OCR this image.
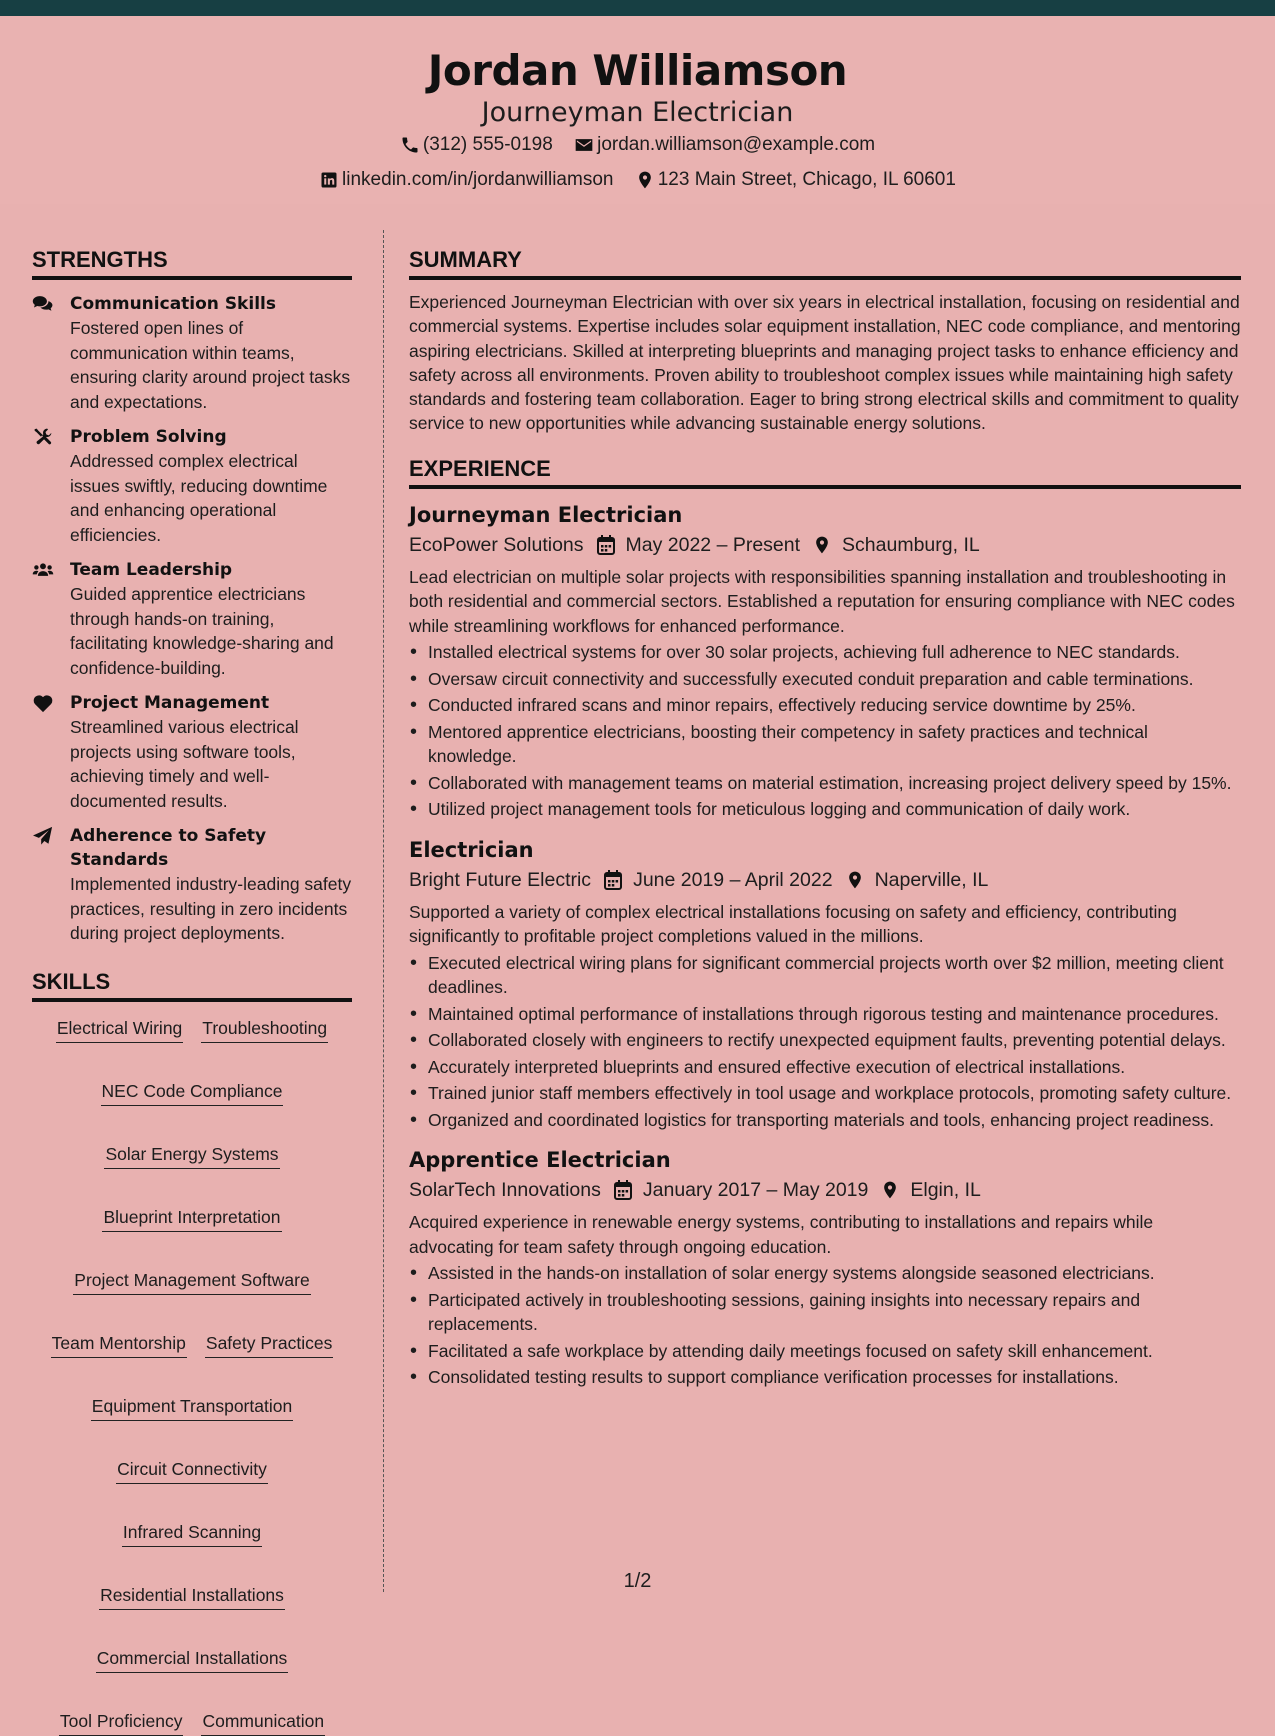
Jordan Williamson
Journeyman Electrician
(312) 555-0198
jordan.williamson@example.com
linkedin.com/in/jordanwilliamson
123 Main Street, Chicago, IL 60601
STRENGTHS
Communication Skills

Fostered open lines of communication within teams, ensuring clarity around project tasks and expectations.

Problem Solving

Addressed complex electrical issues swiftly, reducing downtime and enhancing operational efficiencies.

Team Leadership

Guided apprentice electricians through hands-on training, facilitating knowledge-sharing and confidence-building.

Project Management

Streamlined various electrical projects using software tools, achieving timely and well-documented results.

Adherence to Safety Standards

Implemented industry-leading safety practices, resulting in zero incidents during project deployments.

SKILLS
Electrical Wiring Troubleshooting
NEC Code Compliance
Solar Energy Systems
Blueprint Interpretation
Project Management Software
Team Mentorship Safety Practices
Equipment Transportation
Circuit Connectivity
Infrared Scanning
Residential Installations
Commercial Installations
Tool Proficiency Communication
SUMMARY

Experienced Journeyman Electrician with over six years in electrical installation, focusing on residential and commercial systems. Expertise includes solar equipment installation, NEC code compliance, and mentoring aspiring electricians. Skilled at interpreting blueprints and managing project tasks to enhance efficiency and safety across all environments. Proven ability to troubleshoot complex issues while maintaining high safety standards and fostering team collaboration. Eager to bring strong electrical skills and commitment to quality service to new opportunities while advancing sustainable energy solutions.

EXPERIENCE
Journeyman Electrician
EcoPower Solutions May 2022 – Present Schaumburg, IL

Lead electrician on multiple solar projects with responsibilities spanning installation and troubleshooting in both residential and commercial sectors. Established a reputation for ensuring compliance with NEC codes while streamlining workflows for enhanced performance.

• Installed electrical systems for over 30 solar projects, achieving full adherence to NEC standards.
• Oversaw circuit connectivity and successfully executed conduit preparation and cable terminations.
• Conducted infrared scans and minor repairs, effectively reducing service downtime by 25%.
• Mentored apprentice electricians, boosting their competency in safety practices and technical knowledge.
• Collaborated with management teams on material estimation, increasing project delivery speed by 15%.
• Utilized project management tools for meticulous logging and communication of daily work.
Electrician
Bright Future Electric June 2019 – April 2022 Naperville, IL

Supported a variety of complex electrical installations focusing on safety and efficiency, contributing significantly to profitable project completions valued in the millions.

• Executed electrical wiring plans for significant commercial projects worth over $2 million, meeting client deadlines.
• Maintained optimal performance of installations through rigorous testing and maintenance procedures.
• Collaborated closely with engineers to rectify unexpected equipment faults, preventing potential delays.
• Accurately interpreted blueprints and ensured effective execution of electrical installations.
• Trained junior staff members effectively in tool usage and workplace protocols, promoting safety culture.
• Organized and coordinated logistics for transporting materials and tools, enhancing project readiness.
Apprentice Electrician
SolarTech Innovations January 2017 – May 2019 Elgin, IL

Acquired experience in renewable energy systems, contributing to installations and repairs while advocating for team safety through ongoing education.

• Assisted in the hands-on installation of solar energy systems alongside seasoned electricians.
• Participated actively in troubleshooting sessions, gaining insights into necessary repairs and replacements.
• Facilitated a safe workplace by attending daily meetings focused on safety skill enhancement.
• Consolidated testing results to support compliance verification processes for installations.
1/2
